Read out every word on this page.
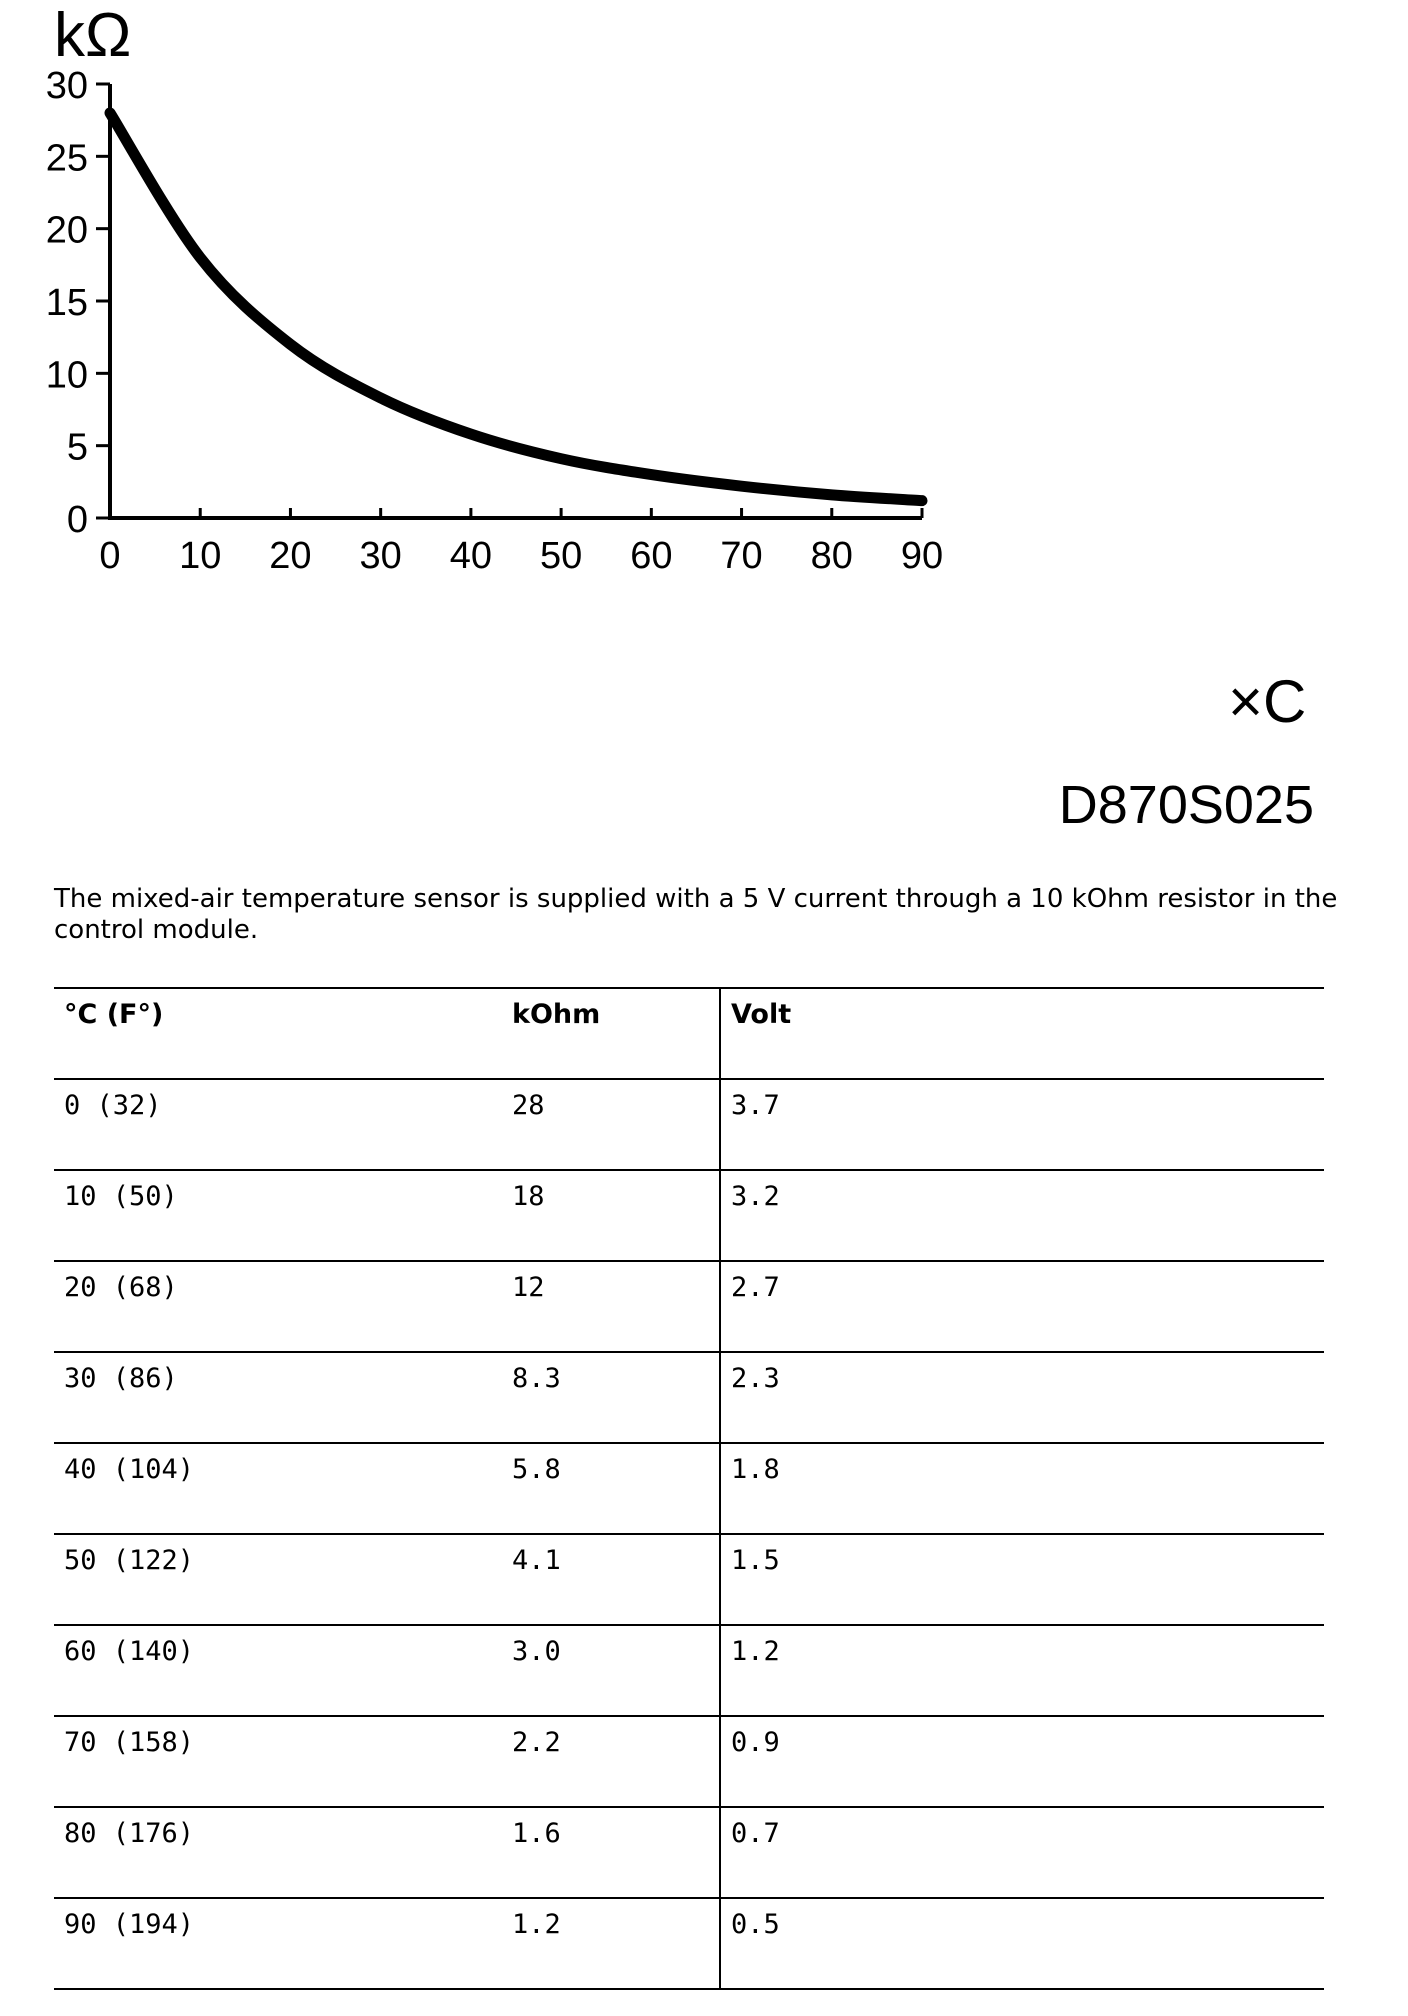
0 10 20 30 40 50 60 70 80 90
0
5
10
15
20
25
30
kΩ
×C
D870S025
The mixed-air temperature sensor is supplied with a 5 V current through a 10 kOhm resistor in the control module.
°C (F°)	kOhm	Volt
0 (32)	28	3.7
10 (50)	18	3.2
20 (68)	12	2.7
30 (86)	8.3	2.3
40 (104)	5.8	1.8
50 (122)	4.1	1.5
60 (140)	3.0	1.2
70 (158)	2.2	0.9
80 (176)	1.6	0.7
90 (194)	1.2	0.5
